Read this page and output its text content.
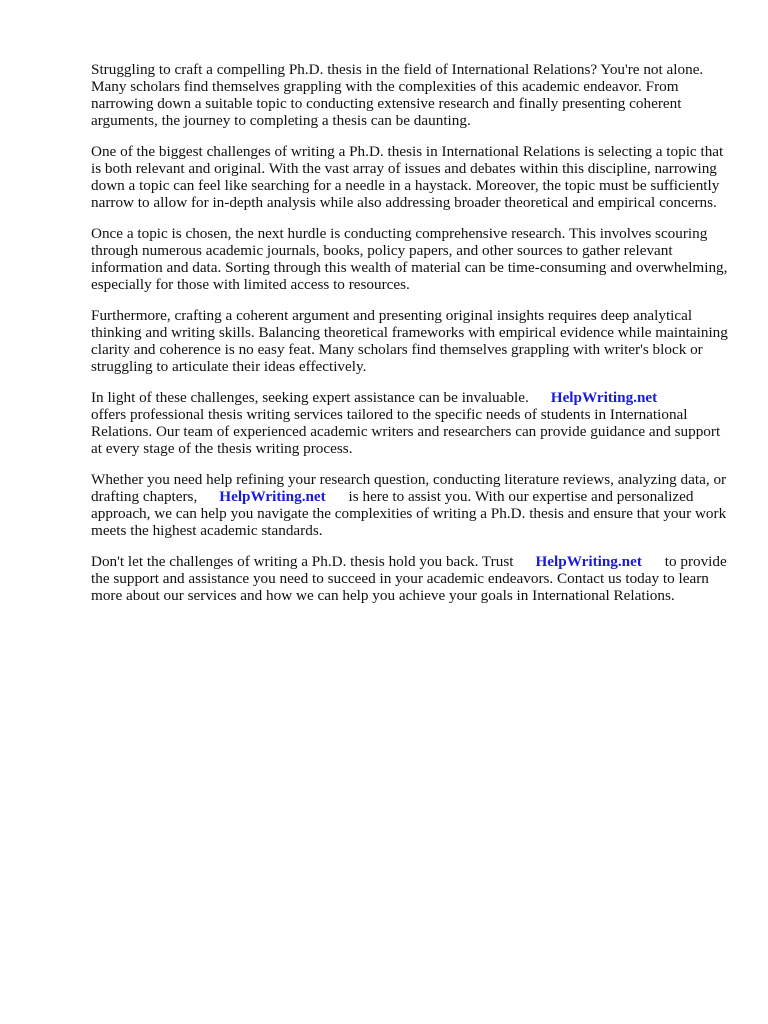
Struggling to craft a compelling Ph.D. thesis in the field of International Relations? You're not alone. Many scholars find themselves grappling with the complexities of this academic endeavor. From narrowing down a suitable topic to conducting extensive research and finally presenting coherent arguments, the journey to completing a thesis can be daunting.

One of the biggest challenges of writing a Ph.D. thesis in International Relations is selecting a topic that is both relevant and original. With the vast array of issues and debates within this discipline, narrowing down a topic can feel like searching for a needle in a haystack. Moreover, the topic must be sufficiently narrow to allow for in-depth analysis while also addressing broader theoretical and empirical concerns.

Once a topic is chosen, the next hurdle is conducting comprehensive research. This involves scouring through numerous academic journals, books, policy papers, and other sources to gather relevant information and data. Sorting through this wealth of material can be time-consuming and overwhelming, especially for those with limited access to resources.

Furthermore, crafting a coherent argument and presenting original insights requires deep analytical thinking and writing skills. Balancing theoretical frameworks with empirical evidence while maintaining clarity and coherence is no easy feat. Many scholars find themselves grappling with writer's block or struggling to articulate their ideas effectively.

In light of these challenges, seeking expert assistance can be invaluable. HelpWriting.net
offers professional thesis writing services tailored to the specific needs of students in International Relations. Our team of experienced academic writers and researchers can provide guidance and support at every stage of the thesis writing process.

Whether you need help refining your research question, conducting literature reviews, analyzing data, or drafting chapters, HelpWriting.net is here to assist you. With our expertise and personalized approach, we can help you navigate the complexities of writing a Ph.D. thesis and ensure that your work meets the highest academic standards.

Don't let the challenges of writing a Ph.D. thesis hold you back. Trust HelpWriting.net to provide the support and assistance you need to succeed in your academic endeavors. Contact us today to learn more about our services and how we can help you achieve your goals in International Relations.
